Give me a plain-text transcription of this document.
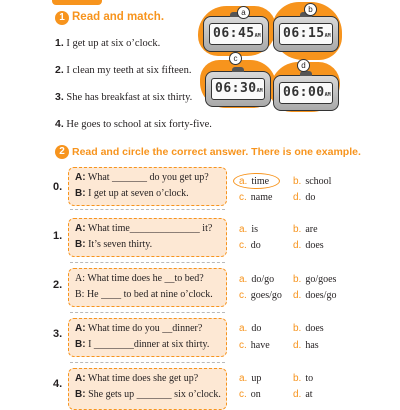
1 Read and match.
1. I get up at six o’clock.
2. I clean my teeth at six fifteen.
3. She has breakfast at six thirty.
4. He goes to school at six forty-five.
06:45AM
a
06:15AM
b
06:30AM
c
06:00AM
d
2 Read and circle the correct answer. There is one example.
0.
A: What _______ do you get up?
B: I get up at seven o’clock.
a. time b. school
c. name d. do
1.
A: What time______________ it?
B: It’s seven thirty.
a. is	b. are
c. do	d. does
2.
A: What time does he __to bed?
B: He ____ to bed at nine o’clock.
a. do/go b. go/goes
c. goes/go d. does/go
3. A: What time do you __dinner?
B: I ________dinner at six thirty.
a. do	b. does
c. have d. has
4. A: What time does she get up?
B: She gets up _______ six o’clock.
a. up	b. to
c. on	d. at
